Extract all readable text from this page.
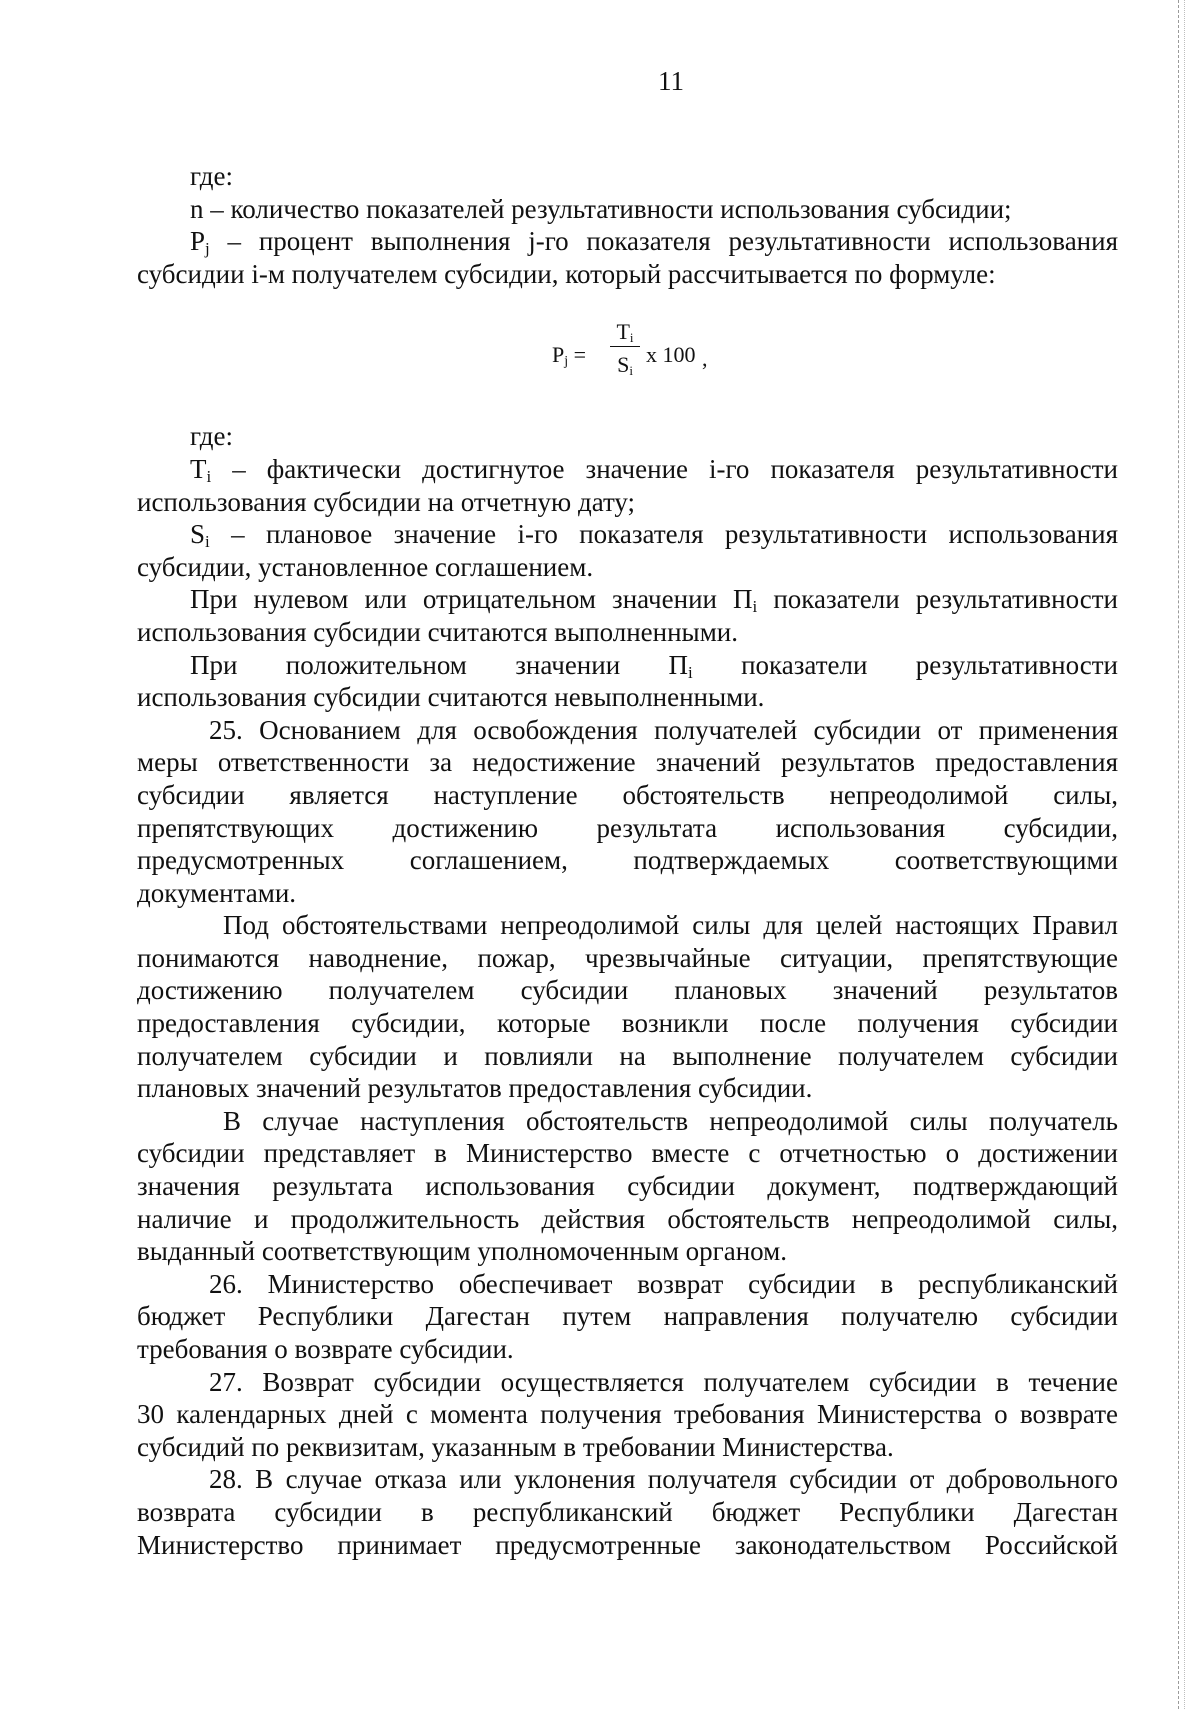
11
где:
n – количество показателей результативности использования субсидии;
$P_j$ – процент выполнения j-го показателя результативности использования
субсидии i-м получателем субсидии, который рассчитывается по формуле:
$P_j$ =
$T_i$
$S_i$
x 100 ,
где:
$T_i$ – фактически достигнутое значение i-го показателя результативности
использования субсидии на отчетную дату;
$S_i$ – плановое значение i-го показателя результативности использования
субсидии, установленное соглашением.
При нулевом или отрицательном значении $П_i$ показатели результативности
использования субсидии считаются выполненными.
При положительном значении $П_i$ показатели результативности
использования субсидии считаются невыполненными.
25. Основанием для освобождения получателей субсидии от применения
меры ответственности за недостижение значений результатов предоставления
субсидии является наступление обстоятельств непреодолимой силы,
препятствующих достижению результата использования субсидии,
предусмотренных соглашением, подтверждаемых соответствующими
документами.
Под обстоятельствами непреодолимой силы для целей настоящих Правил
понимаются наводнение, пожар, чрезвычайные ситуации, препятствующие
достижению получателем субсидии плановых значений результатов
предоставления субсидии, которые возникли после получения субсидии
получателем субсидии и повлияли на выполнение получателем субсидии
плановых значений результатов предоставления субсидии.
В случае наступления обстоятельств непреодолимой силы получатель
субсидии представляет в Министерство вместе с отчетностью о достижении
значения результата использования субсидии документ, подтверждающий
наличие и продолжительность действия обстоятельств непреодолимой силы,
выданный соответствующим уполномоченным органом.
26. Министерство обеспечивает возврат субсидии в республиканский
бюджет Республики Дагестан путем направления получателю субсидии
требования о возврате субсидии.
27. Возврат субсидии осуществляется получателем субсидии в течение
30 календарных дней с момента получения требования Министерства о возврате
субсидий по реквизитам, указанным в требовании Министерства.
28. В случае отказа или уклонения получателя субсидии от добровольного
возврата субсидии в республиканский бюджет Республики Дагестан
Министерство принимает предусмотренные законодательством Российской
